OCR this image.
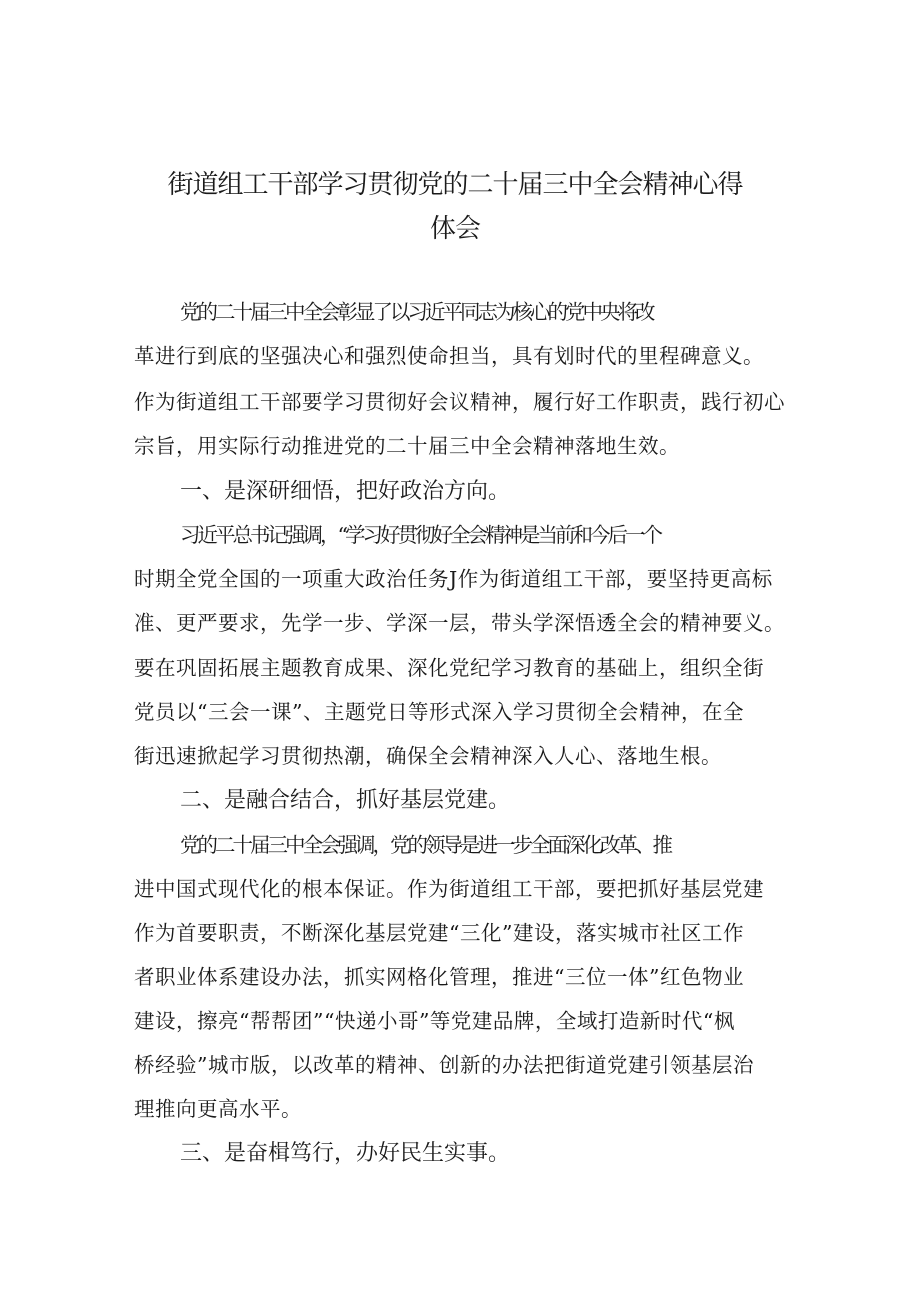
街道组工干部学习贯彻党的二十届三中全会精神心得
体会
党的二十届三中全会彰显了以习近平同志为核心的党中央将改
革进行到底的坚强决心和强烈使命担当，具有划时代的里程碑意义。
作为街道组工干部要学习贯彻好会议精神，履行好工作职责，践行初心
宗旨，用实际行动推进党的二十届三中全会精神落地生效。
一、是深研细悟，把好政治方向。
习近平总书记强调，“学习好贯彻好全会精神是当前和今后一个
时期全党全国的一项重大政治任务J作为街道组工干部，要坚持更高标
准、更严要求，先学一步、学深一层，带头学深悟透全会的精神要义。
要在巩固拓展主题教育成果、深化党纪学习教育的基础上，组织全街
党员以“三会一课”、主题党日等形式深入学习贯彻全会精神，在全
街迅速掀起学习贯彻热潮，确保全会精神深入人心、落地生根。
二、是融合结合，抓好基层党建。
党的二十届三中全会强调，党的领导是进一步全面深化改革、推
进中国式现代化的根本保证。作为街道组工干部，要把抓好基层党建
作为首要职责，不断深化基层党建“三化”建设，落实城市社区工作
者职业体系建设办法，抓实网格化管理，推进“三位一体”红色物业
建设，擦亮“帮帮团”“快递小哥”等党建品牌，全域打造新时代“枫
桥经验”城市版，以改革的精神、创新的办法把街道党建引领基层治
理推向更高水平。
三、是奋楫笃行，办好民生实事。
